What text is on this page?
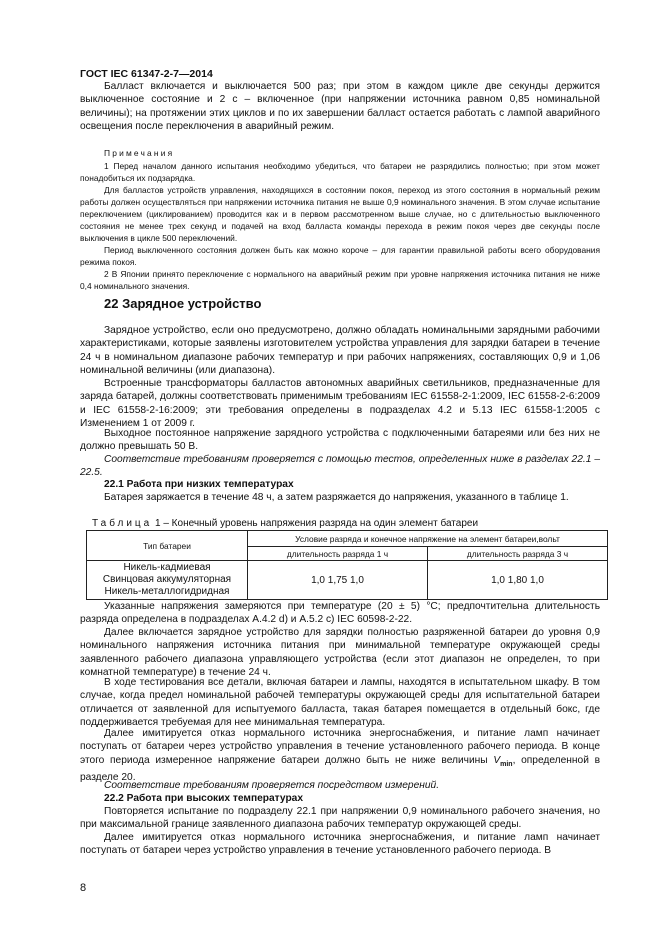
ГОСТ IEC 61347-2-7—2014
Балласт включается и выключается 500 раз; при этом в каждом цикле две секунды держится выключенное состояние и 2 с – включенное (при напряжении источника равном 0,85 номинальной величины); на протяжении этих циклов и по их завершении балласт остается работать с лампой аварийного освещения после переключения в аварийный режим.
Примечания
1 Перед началом данного испытания необходимо убедиться, что батареи не разрядились полностью; при этом может понадобиться их подзарядка.
Для балластов устройств управления, находящихся в состоянии покоя, переход из этого состояния в нормальный режим работы должен осуществляться при напряжении источника питания не выше 0,9 номинального значения. В этом случае испытание переключением (циклированием) проводится как и в первом рассмотренном выше случае, но с длительностью выключенного состояния не менее трех секунд и подачей на вход балласта команды перехода в режим покоя через две секунды после выключения в цикле 500 переключений.
Период выключенного состояния должен быть как можно короче – для гарантии правильной работы всего оборудования режима покоя.
2 В Японии принято переключение с нормального на аварийный режим при уровне напряжения источника питания не ниже 0,4 номинального значения.
22 Зарядное устройство
Зарядное устройство, если оно предусмотрено, должно обладать номинальными зарядными рабочими характеристиками, которые заявлены изготовителем устройства управления для зарядки батареи в течение 24 ч в номинальном диапазоне рабочих температур и при рабочих напряжениях, составляющих 0,9 и 1,06 номинальной величины (или диапазона).
Встроенные трансформаторы балластов автономных аварийных светильников, предназначенные для заряда батарей, должны соответствовать применимым требованиям IEC 61558-2-1:2009, IEC 61558-2-6:2009 и IEC 61558-2-16:2009; эти требования определены в подразделах 4.2 и 5.13 IEC 61558-1:2005 с Изменением 1 от 2009 г.
Выходное постоянное напряжение зарядного устройства с подключенными батареями или без них не должно превышать 50 В.
Соответствие требованиям проверяется с помощью тестов, определенных ниже в разделах 22.1 – 22.5.
22.1 Работа при низких температурах
Батарея заряжается в течение 48 ч, а затем разряжается до напряжения, указанного в таблице 1.
Таблица 1 – Конечный уровень напряжения разряда на один элемент батареи
Тип батареи	Условие разряда и конечное напряжение на элемент батареи,вольт	
	длительность разряда 1 ч	длительность разряда 3 ч

Никель-кадмиевая
Свинцовая аккумуляторная
Никель-металлогидридная	1,0 1,75 1,0	1,0 1,80 1,0
Указанные напряжения замеряются при температуре (20 ± 5) °С; предпочтительна длительность разряда определена в подразделах А.4.2 d) и А.5.2 с) IEC 60598-2-22.
Далее включается зарядное устройство для зарядки полностью разряженной батареи до уровня 0,9 номинального напряжения источника питания при минимальной температуре окружающей среды заявленного рабочего диапазона управляющего устройства (если этот диапазон не определен, то при комнатной температуре) в течение 24 ч.
В ходе тестирования все детали, включая батареи и лампы, находятся в испытательном шкафу. В том случае, когда предел номинальной рабочей температуры окружающей среды для испытательной батареи отличается от заявленной для испытуемого балласта, такая батарея помещается в отдельный бокс, где поддерживается требуемая для нее минимальная температура.
Далее имитируется отказ нормального источника энергоснабжения, и питание ламп начинает поступать от батареи через устройство управления в течение установленного рабочего периода. В конце этого периода измеренное напряжение батареи должно быть не ниже величины $V_{min}$, определенной в разделе 20.
Соответствие требованиям проверяется посредством измерений.
22.2 Работа при высоких температурах
Повторяется испытание по подразделу 22.1 при напряжении 0,9 номинального рабочего значения, но при максимальной границе заявленного диапазона рабочих температур окружающей среды.
Далее имитируется отказ нормального источника энергоснабжения, и питание ламп начинает поступать от батареи через устройство управления в течение установленного рабочего периода. В
8
